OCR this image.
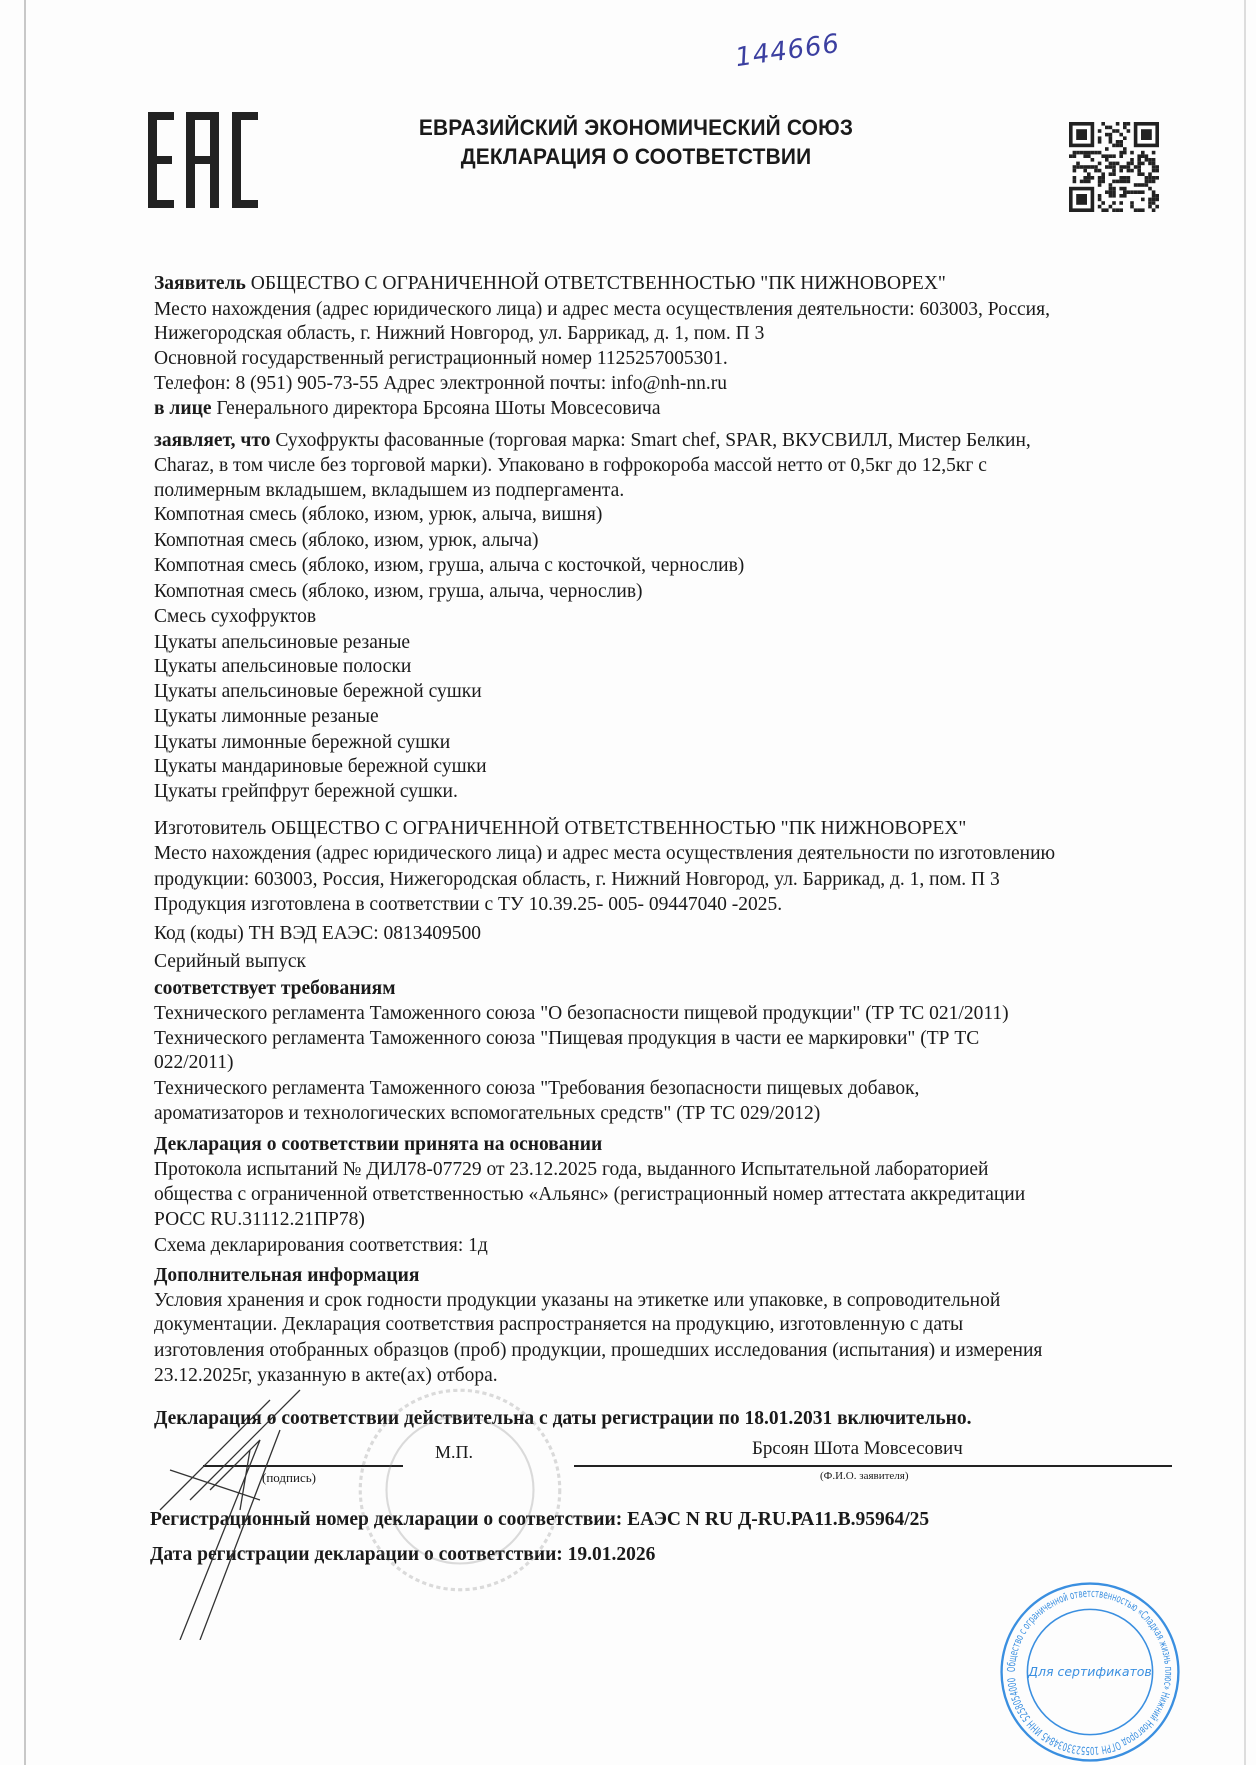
144666
ЕВРАЗИЙСКИЙ ЭКОНОМИЧЕСКИЙ СОЮЗ
ДЕКЛАРАЦИЯ О СООТВЕТСТВИИ
Заявитель ОБЩЕСТВО С ОГРАНИЧЕННОЙ ОТВЕТСТВЕННОСТЬЮ "ПК НИЖНОВОРЕХ"
Место нахождения (адрес юридического лица) и адрес места осуществления деятельности: 603003, Россия,
Нижегородская область, г. Нижний Новгород, ул. Баррикад, д. 1, пом. П 3
Основной государственный регистрационный номер 1125257005301.
Телефон: 8 (951) 905-73-55 Адрес электронной почты: info@nh-nn.ru
в лице Генерального директора Брсояна Шоты Мовсесовича
заявляет, что Сухофрукты фасованные (торговая марка: Smart chef, SPAR, ВКУСВИЛЛ, Мистер Белкин,
Charaz, в том числе без торговой марки). Упаковано в гофрокороба массой нетто от 0,5кг до 12,5кг с
полимерным вкладышем, вкладышем из подпергамента.
Компотная смесь (яблоко, изюм, урюк, алыча, вишня)
Компотная смесь (яблоко, изюм, урюк, алыча)
Компотная смесь (яблоко, изюм, груша, алыча с косточкой, чернослив)
Компотная смесь (яблоко, изюм, груша, алыча, чернослив)
Смесь сухофруктов
Цукаты апельсиновые резаные
Цукаты апельсиновые полоски
Цукаты апельсиновые бережной сушки
Цукаты лимонные резаные
Цукаты лимонные бережной сушки
Цукаты мандариновые бережной сушки
Цукаты грейпфрут бережной сушки.
Изготовитель ОБЩЕСТВО С ОГРАНИЧЕННОЙ ОТВЕТСТВЕННОСТЬЮ "ПК НИЖНОВОРЕХ"
Место нахождения (адрес юридического лица) и адрес места осуществления деятельности по изготовлению
продукции: 603003, Россия, Нижегородская область, г. Нижний Новгород, ул. Баррикад, д. 1, пом. П 3
Продукция изготовлена в соответствии с ТУ 10.39.25- 005- 09447040 -2025.
Код (коды) ТН ВЭД ЕАЭС: 0813409500
Серийный выпуск
соответствует требованиям
Технического регламента Таможенного союза "О безопасности пищевой продукции" (ТР ТС 021/2011)
Технического регламента Таможенного союза "Пищевая продукция в части ее маркировки" (ТР ТС
022/2011)
Технического регламента Таможенного союза "Требования безопасности пищевых добавок,
ароматизаторов и технологических вспомогательных средств" (ТР ТС 029/2012)
Декларация о соответствии принята на основании
Протокола испытаний № ДИЛ78-07729 от 23.12.2025 года, выданного Испытательной лабораторией
общества с ограниченной ответственностью «Альянс» (регистрационный номер аттестата аккредитации
РОСС RU.31112.21ПР78)
Схема декларирования соответствия: 1д
Дополнительная информация
Условия хранения и срок годности продукции указаны на этикетке или упаковке, в сопроводительной
документации. Декларация соответствия распространяется на продукцию, изготовленную с даты
изготовления отобранных образцов (проб) продукции, прошедших исследования (испытания) и измерения
23.12.2025г, указанную в акте(ах) отбора.
Декларация о соответствии действительна с даты регистрации по 18.01.2031 включительно.
Регистрационный номер декларации о соответствии: ЕАЭС N RU Д-RU.РА11.В.95964/25
Дата регистрации декларации о соответствии: 19.01.2026
М.П.
(подпись)
Брсоян Шота Мовсесович
(Ф.И.О. заявителя)
Общество с ограниченной ответственностью «Сладкая жизнь плюс» Нижний Новгород ОГРН 1055233034845 ИНН 5258054000 Для сертификатов
